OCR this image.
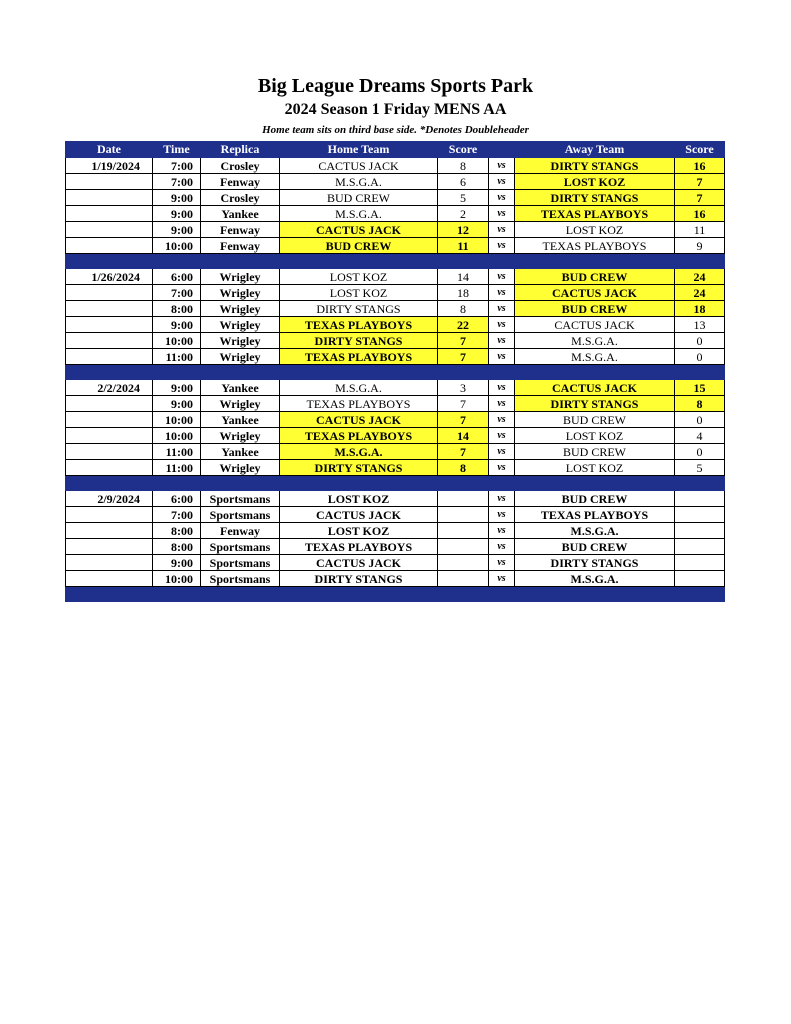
Big League Dreams Sports Park
2024 Season 1 Friday MENS AA
Home team sits on third base side. *Denotes Doubleheader
Date	Time	Replica	Home Team	Score		Away Team	Score
1/19/2024	7:00	Crosley	CACTUS JACK	8	vs	DIRTY STANGS	16
	7:00	Fenway	M.S.G.A.	6	vs	LOST KOZ	7
	9:00	Crosley	BUD CREW	5	vs	DIRTY STANGS	7
	9:00	Yankee	M.S.G.A.	2	vs	TEXAS PLAYBOYS	16
	9:00	Fenway	CACTUS JACK	12	vs	LOST KOZ	11
	10:00	Fenway	BUD CREW	11	vs	TEXAS PLAYBOYS	9

1/26/2024	6:00	Wrigley	LOST KOZ	14	vs	BUD CREW	24
	7:00	Wrigley	LOST KOZ	18	vs	CACTUS JACK	24
	8:00	Wrigley	DIRTY STANGS	8	vs	BUD CREW	18
	9:00	Wrigley	TEXAS PLAYBOYS	22	vs	CACTUS JACK	13
	10:00	Wrigley	DIRTY STANGS	7	vs	M.S.G.A.	0
	11:00	Wrigley	TEXAS PLAYBOYS	7	vs	M.S.G.A.	0

2/2/2024	9:00	Yankee	M.S.G.A.	3	vs	CACTUS JACK	15
	9:00	Wrigley	TEXAS PLAYBOYS	7	vs	DIRTY STANGS	8
	10:00	Yankee	CACTUS JACK	7	vs	BUD CREW	0
	10:00	Wrigley	TEXAS PLAYBOYS	14	vs	LOST KOZ	4
	11:00	Yankee	M.S.G.A.	7	vs	BUD CREW	0
	11:00	Wrigley	DIRTY STANGS	8	vs	LOST KOZ	5

2/9/2024	6:00	Sportsmans	LOST KOZ		vs	BUD CREW	
	7:00	Sportsmans	CACTUS JACK		vs	TEXAS PLAYBOYS	
	8:00	Fenway	LOST KOZ		vs	M.S.G.A.	
	8:00	Sportsmans	TEXAS PLAYBOYS		vs	BUD CREW	
	9:00	Sportsmans	CACTUS JACK		vs	DIRTY STANGS	
	10:00	Sportsmans	DIRTY STANGS		vs	M.S.G.A.	
